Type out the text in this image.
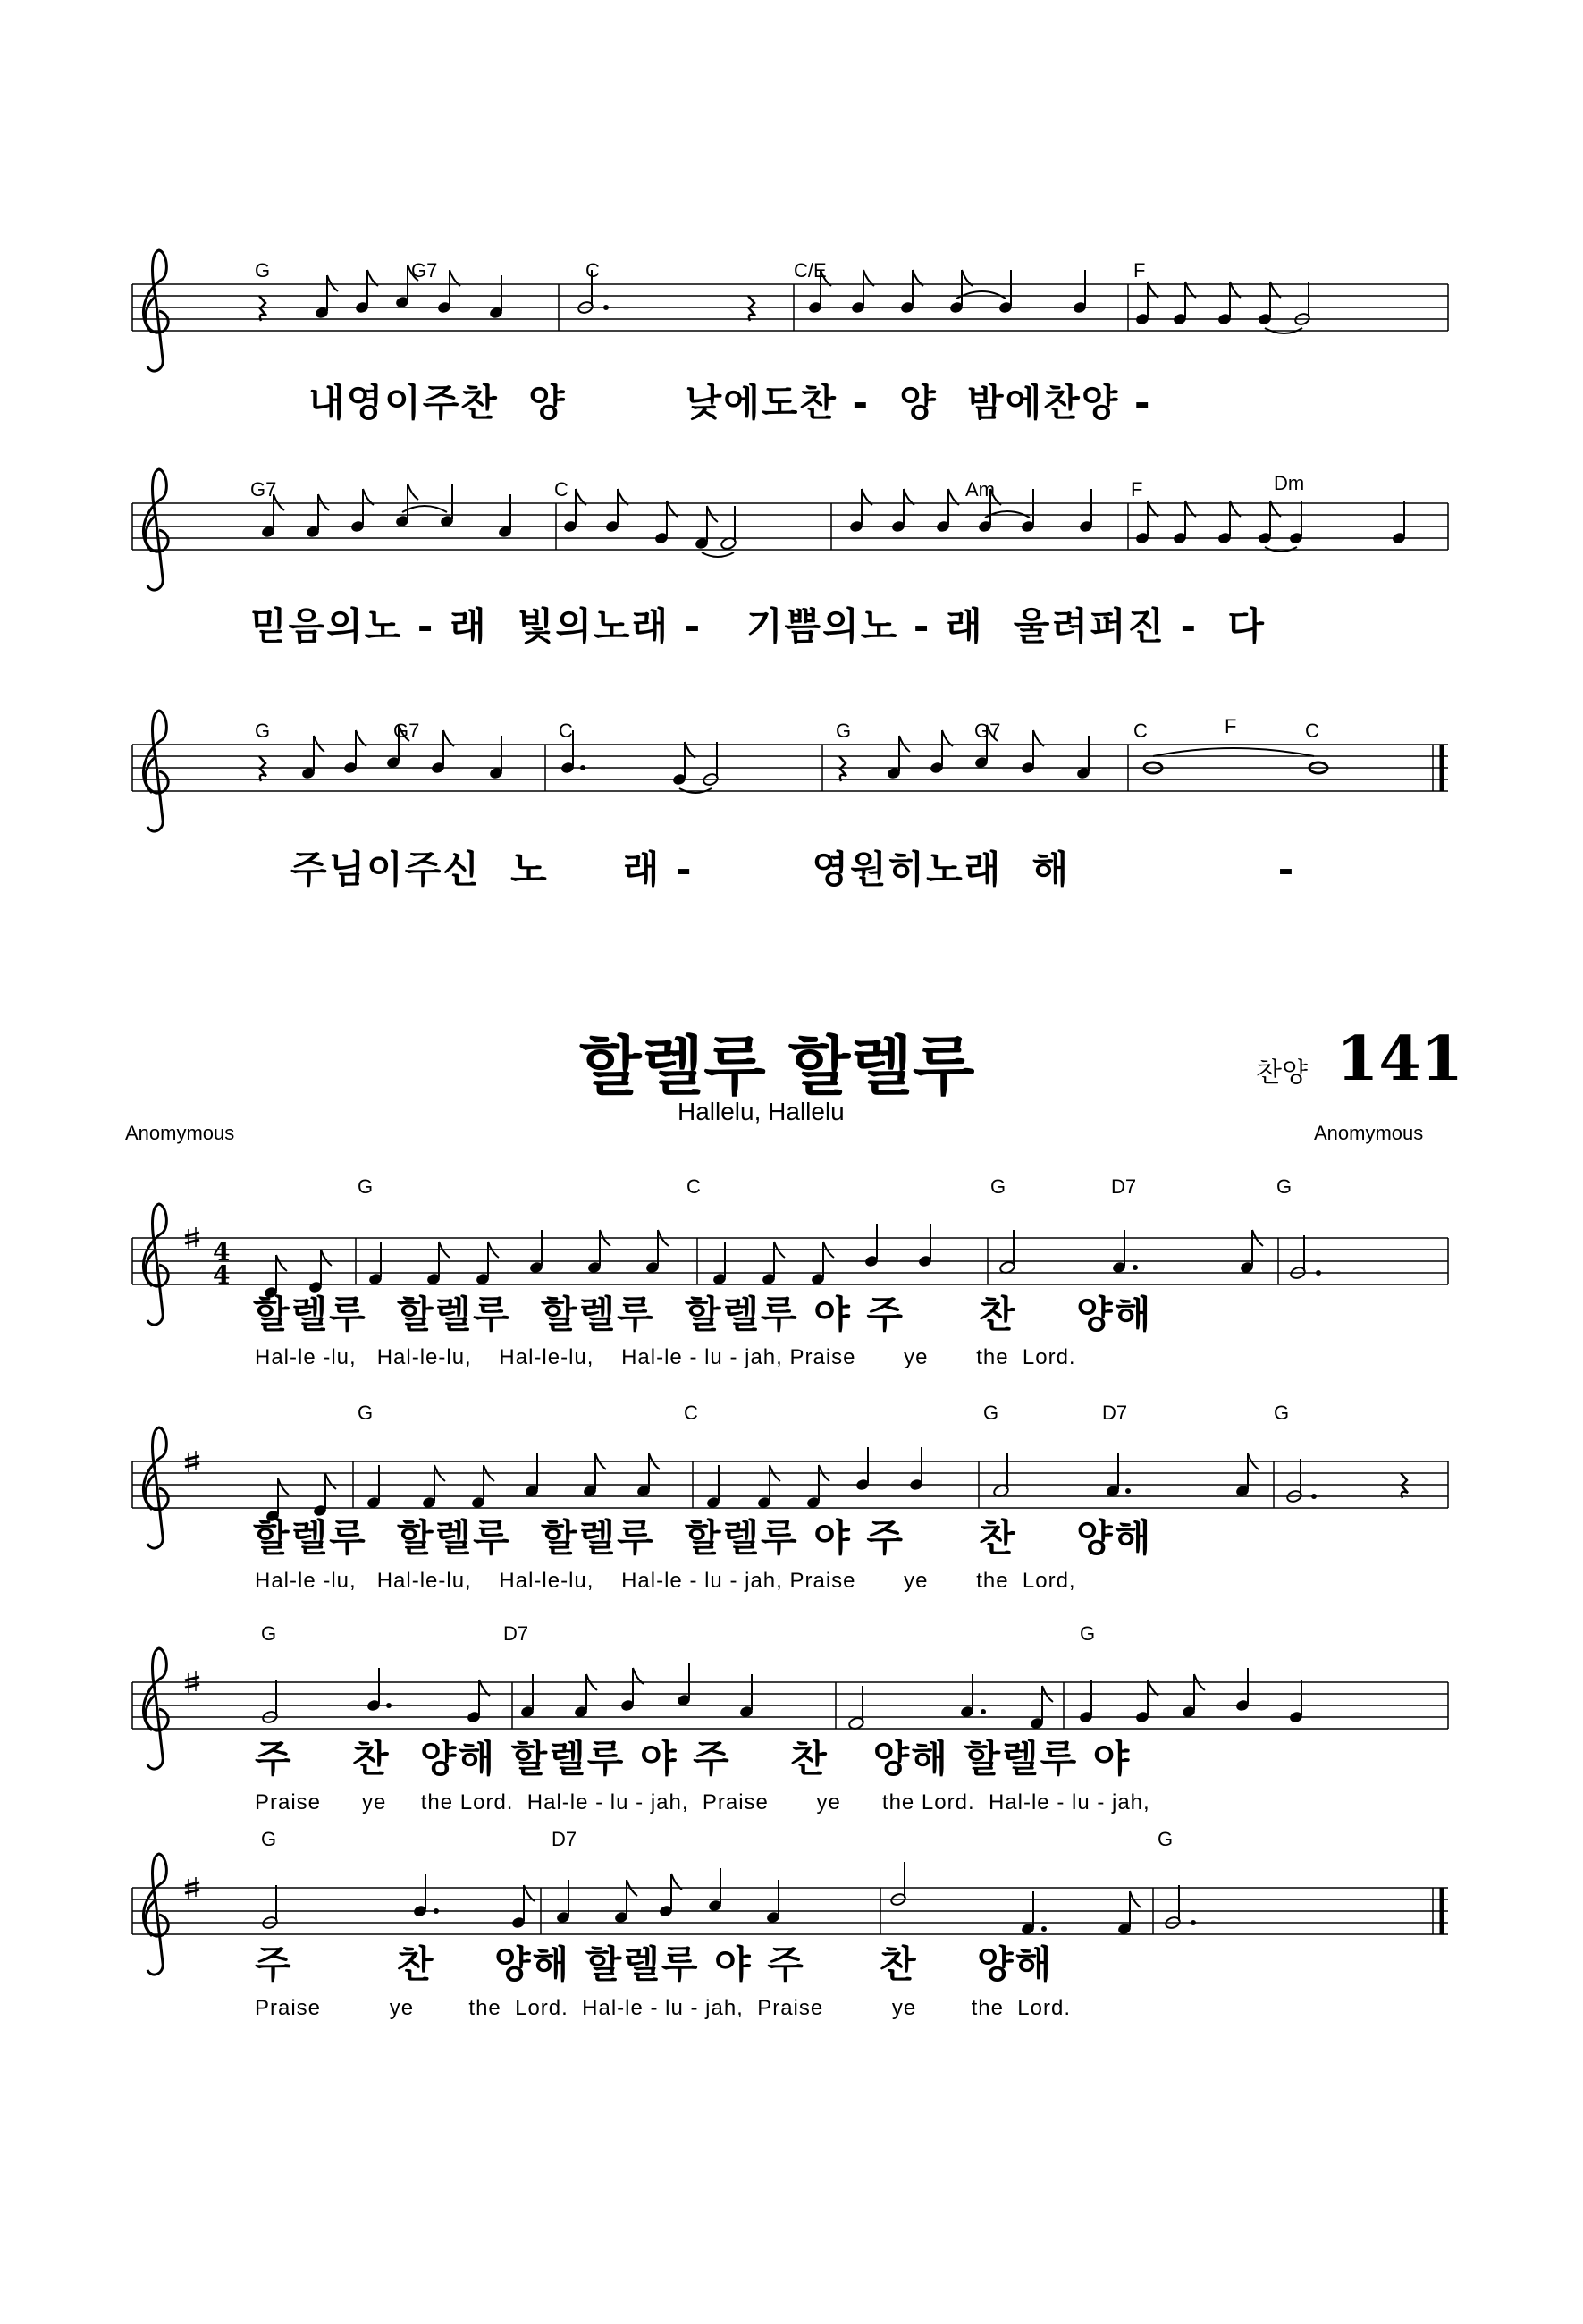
4
4
G	G7	C	C/E	F
내영이주찬  양        낮에도찬 -  양  밤에찬양 -
G7	C	Am	F	Dm
믿음의노 - 래  빛의노래 -   기쁨의노 - 래  울려퍼진 -  다
G	G7	C	G	G7	C	F	C
주님이주신  노     래 -        영원히노래  해              -
할렐루 할렐루
Hallelu, Hallelu
찬양 141
Anomymous	Anomymous
G	C	G	D7	G
할렐루  할렐루  할렐루  할렐루 야 주     찬    양해
Hal-le -lu,   Hal-le-lu,    Hal-le-lu,    Hal-le - lu - jah, Praise       ye       the  Lord.
G	C	G	D7	G
할렐루  할렐루  할렐루  할렐루 야 주     찬    양해
Hal-le -lu,   Hal-le-lu,    Hal-le-lu,    Hal-le - lu - jah, Praise       ye       the  Lord,
G	D7	G
주    찬  양해 할렐루 야 주    찬   양해 할렐루 야
Praise      ye     the Lord.  Hal-le - lu - jah,  Praise       ye      the Lord.  Hal-le - lu - jah,
G	D7	G
주       찬    양해 할렐루 야 주     찬    양해
Praise          ye        the  Lord.  Hal-le - lu - jah,  Praise          ye        the  Lord.
